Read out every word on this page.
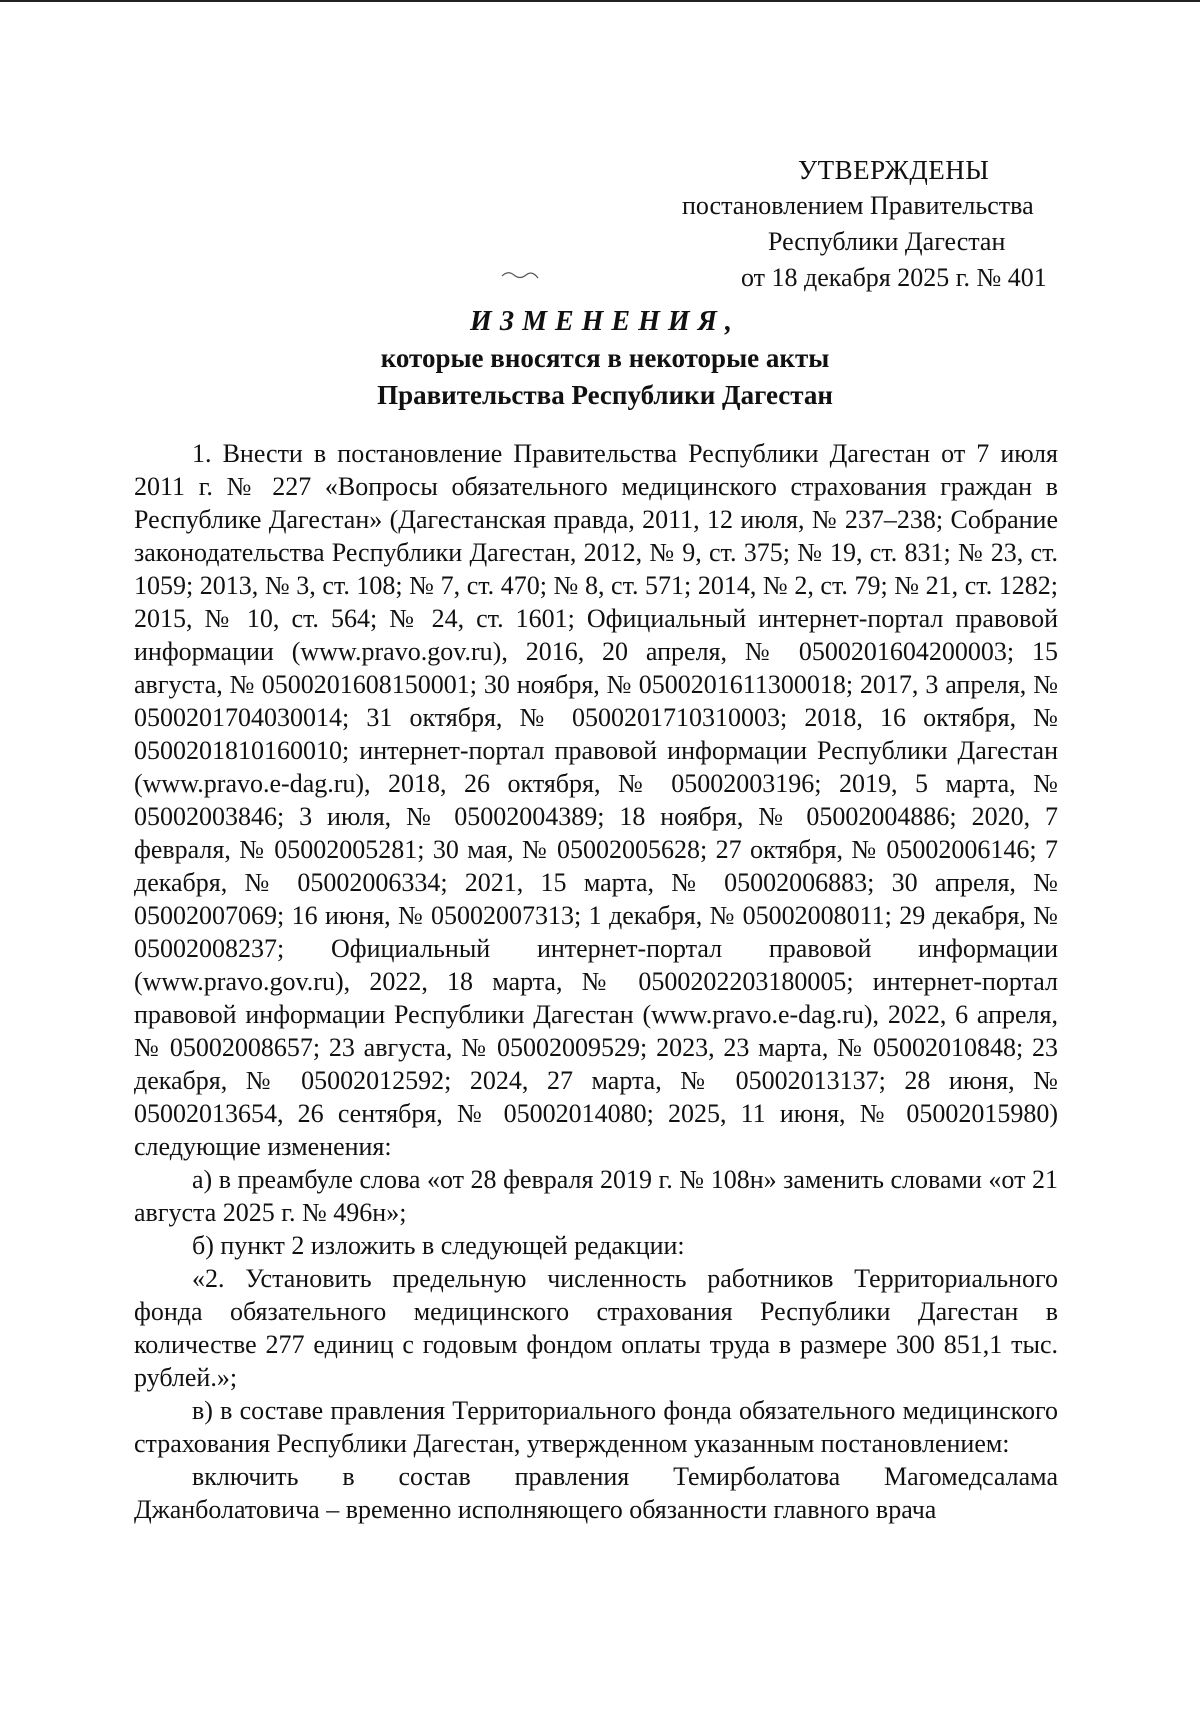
УТВЕРЖДЕНЫ
постановлением Правительства
Республики Дагестан
от 18 декабря 2025 г. № 401
ИЗМЕНЕНИЯ,
которые вносятся в некоторые акты
Правительства Республики Дагестан

1. Внести в постановление Правительства Республики Дагестан от 7 июля 2011 г. № 227 «Вопросы обязательного медицинского страхования граждан в Республике Дагестан» (Дагестанская правда, 2011, 12 июля, № 237–238; Собрание законодательства Республики Дагестан, 2012, № 9, ст. 375; № 19, ст. 831; № 23, ст. 1059; 2013, № 3, ст. 108; № 7, ст. 470; № 8, ст. 571; 2014, № 2, ст. 79; № 21, ст. 1282; 2015, № 10, ст. 564; № 24, ст. 1601; Официальный интернет-портал правовой информации (www.pravo.gov.ru), 2016, 20 апреля, № 0500201604200003; 15 августа, № 0500201608150001; 30 ноября, № 0500201611300018; 2017, 3 апреля, № 0500201704030014; 31 октября, № 0500201710310003; 2018, 16 октября, № 0500201810160010; интернет-портал правовой информации Республики Дагестан (www.pravo.e-dag.ru), 2018, 26 октября, № 05002003196; 2019, 5 марта, № 05002003846; 3 июля, № 05002004389; 18 ноября, № 05002004886; 2020, 7 февраля, № 05002005281; 30 мая, № 05002005628; 27 октября, № 05002006146; 7 декабря, № 05002006334; 2021, 15 марта, № 05002006883; 30 апреля, № 05002007069; 16 июня, № 05002007313; 1 декабря, № 05002008011; 29 декабря, № 05002008237; Официальный интернет-портал правовой информации (www.pravo.gov.ru), 2022, 18 марта, № 0500202203180005; интернет-портал правовой информации Республики Дагестан (www.pravo.e-dag.ru), 2022, 6 апреля, № 05002008657; 23 августа, № 05002009529; 2023, 23 марта, № 05002010848; 23 декабря, № 05002012592; 2024, 27 марта, № 05002013137; 28 июня, № 05002013654, 26 сентября, № 05002014080; 2025, 11 июня, № 05002015980) следующие изменения:

а) в преамбуле слова «от 28 февраля 2019 г. № 108н» заменить словами «от 21 августа 2025 г. № 496н»;

б) пункт 2 изложить в следующей редакции:

«2. Установить предельную численность работников Территориального фонда обязательного медицинского страхования Республики Дагестан в количестве 277 единиц с годовым фондом оплаты труда в размере 300 851,1 тыс. рублей.»;

в) в составе правления Территориального фонда обязательного медицинского страхования Республики Дагестан, утвержденном указанным постановлением:

включить в состав правления Темирболатова Магомедсалама Джанболатовича – временно исполняющего обязанности главного врача
